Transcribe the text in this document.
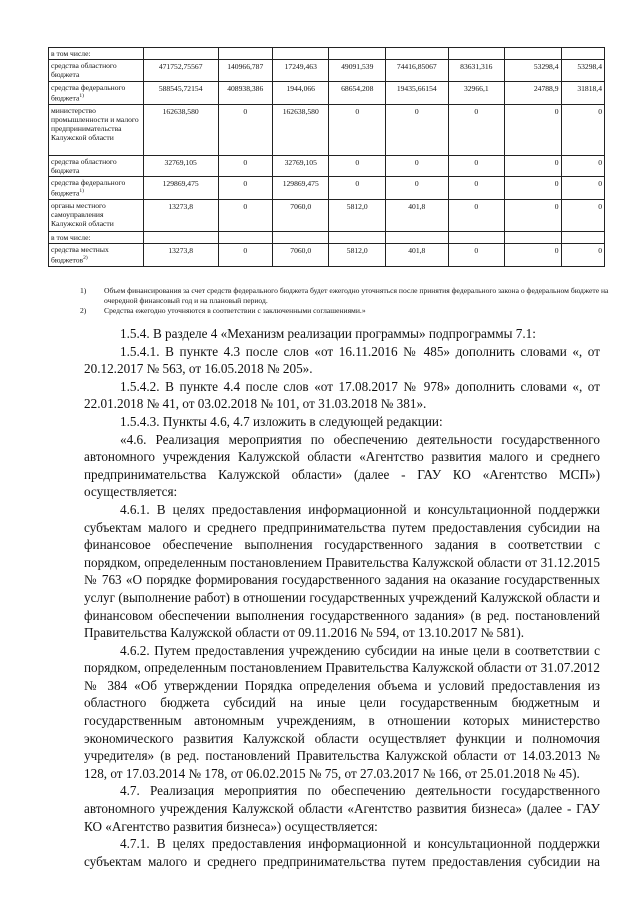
в том числе:								
средства областного бюджета	471752,75567	140966,787	17249,463	49091,539	74416,85067	83631,316	53298,4	53298,4
средства федерального бюджета$^{1)}$	588545,72154	408938,386	1944,066	68654,208	19435,66154	32966,1	24788,9	31818,4
министерство промышленности и малого предпринимательства Калужской области	162638,580	0	162638,580	0	0	0	0	0
средства областного бюджета	32769,105	0	32769,105	0	0	0	0	0
средства федерального бюджета$^{1)}$	129869,475	0	129869,475	0	0	0	0	0
органы местного самоуправления Калужской области	13273,8	0	7060,0	5812,0	401,8	0	0	0
в том числе:								
средства местных бюджетов$^{2)}$	13273,8	0	7060,0	5812,0	401,8	0	0	0
1) Объем финансирования за счет средств федерального бюджета будет ежегодно уточняться после принятия федерального закона о федеральном бюджете на очередной финансовый год и на плановый период.
2) Средства ежегодно уточняются в соответствии с заключенными соглашениями.»

1.5.4. В разделе 4 «Механизм реализации программы» подпрограммы 7.1:

1.5.4.1. В пункте 4.3 после слов «от 16.11.2016 № 485» дополнить словами «, от 20.12.2017 № 563, от 16.05.2018 № 205».

1.5.4.2. В пункте 4.4 после слов «от 17.08.2017 № 978» дополнить словами «, от 22.01.2018 № 41, от 03.02.2018 № 101, от 31.03.2018 № 381».

1.5.4.3. Пункты 4.6, 4.7 изложить в следующей редакции:

«4.6. Реализация мероприятия по обеспечению деятельности государственного автономного учреждения Калужской области «Агентство развития малого и среднего предпринимательства Калужской области» (далее - ГАУ КО «Агентство МСП») осуществляется:

4.6.1. В целях предоставления информационной и консультационной поддержки субъектам малого и среднего предпринимательства путем предоставления субсидии на финансовое обеспечение выполнения государственного задания в соответствии с порядком, определенным постановлением Правительства Калужской области от 31.12.2015 № 763 «О порядке формирования государственного задания на оказание государственных услуг (выполнение работ) в отношении государственных учреждений Калужской области и финансовом обеспечении выполнения государственного задания» (в ред. постановлений Правительства Калужской области от 09.11.2016 № 594, от 13.10.2017 № 581).

4.6.2. Путем предоставления учреждению субсидии на иные цели в соответствии с порядком, определенным постановлением Правительства Калужской области от 31.07.2012 № 384 «Об утверждении Порядка определения объема и условий предоставления из областного бюджета субсидий на иные цели государственным бюджетным и государственным автономным учреждениям, в отношении которых министерство экономического развития Калужской области осуществляет функции и полномочия учредителя» (в ред. постановлений Правительства Калужской области от 14.03.2013 № 128, от 17.03.2014 № 178, от 06.02.2015 № 75, от 27.03.2017 № 166, от 25.01.2018 № 45).

4.7. Реализация мероприятия по обеспечению деятельности государственного автономного учреждения Калужской области «Агентство развития бизнеса» (далее - ГАУ КО «Агентство развития бизнеса») осуществляется:

4.7.1. В целях предоставления информационной и консультационной поддержки субъектам малого и среднего предпринимательства путем предоставления субсидии на
